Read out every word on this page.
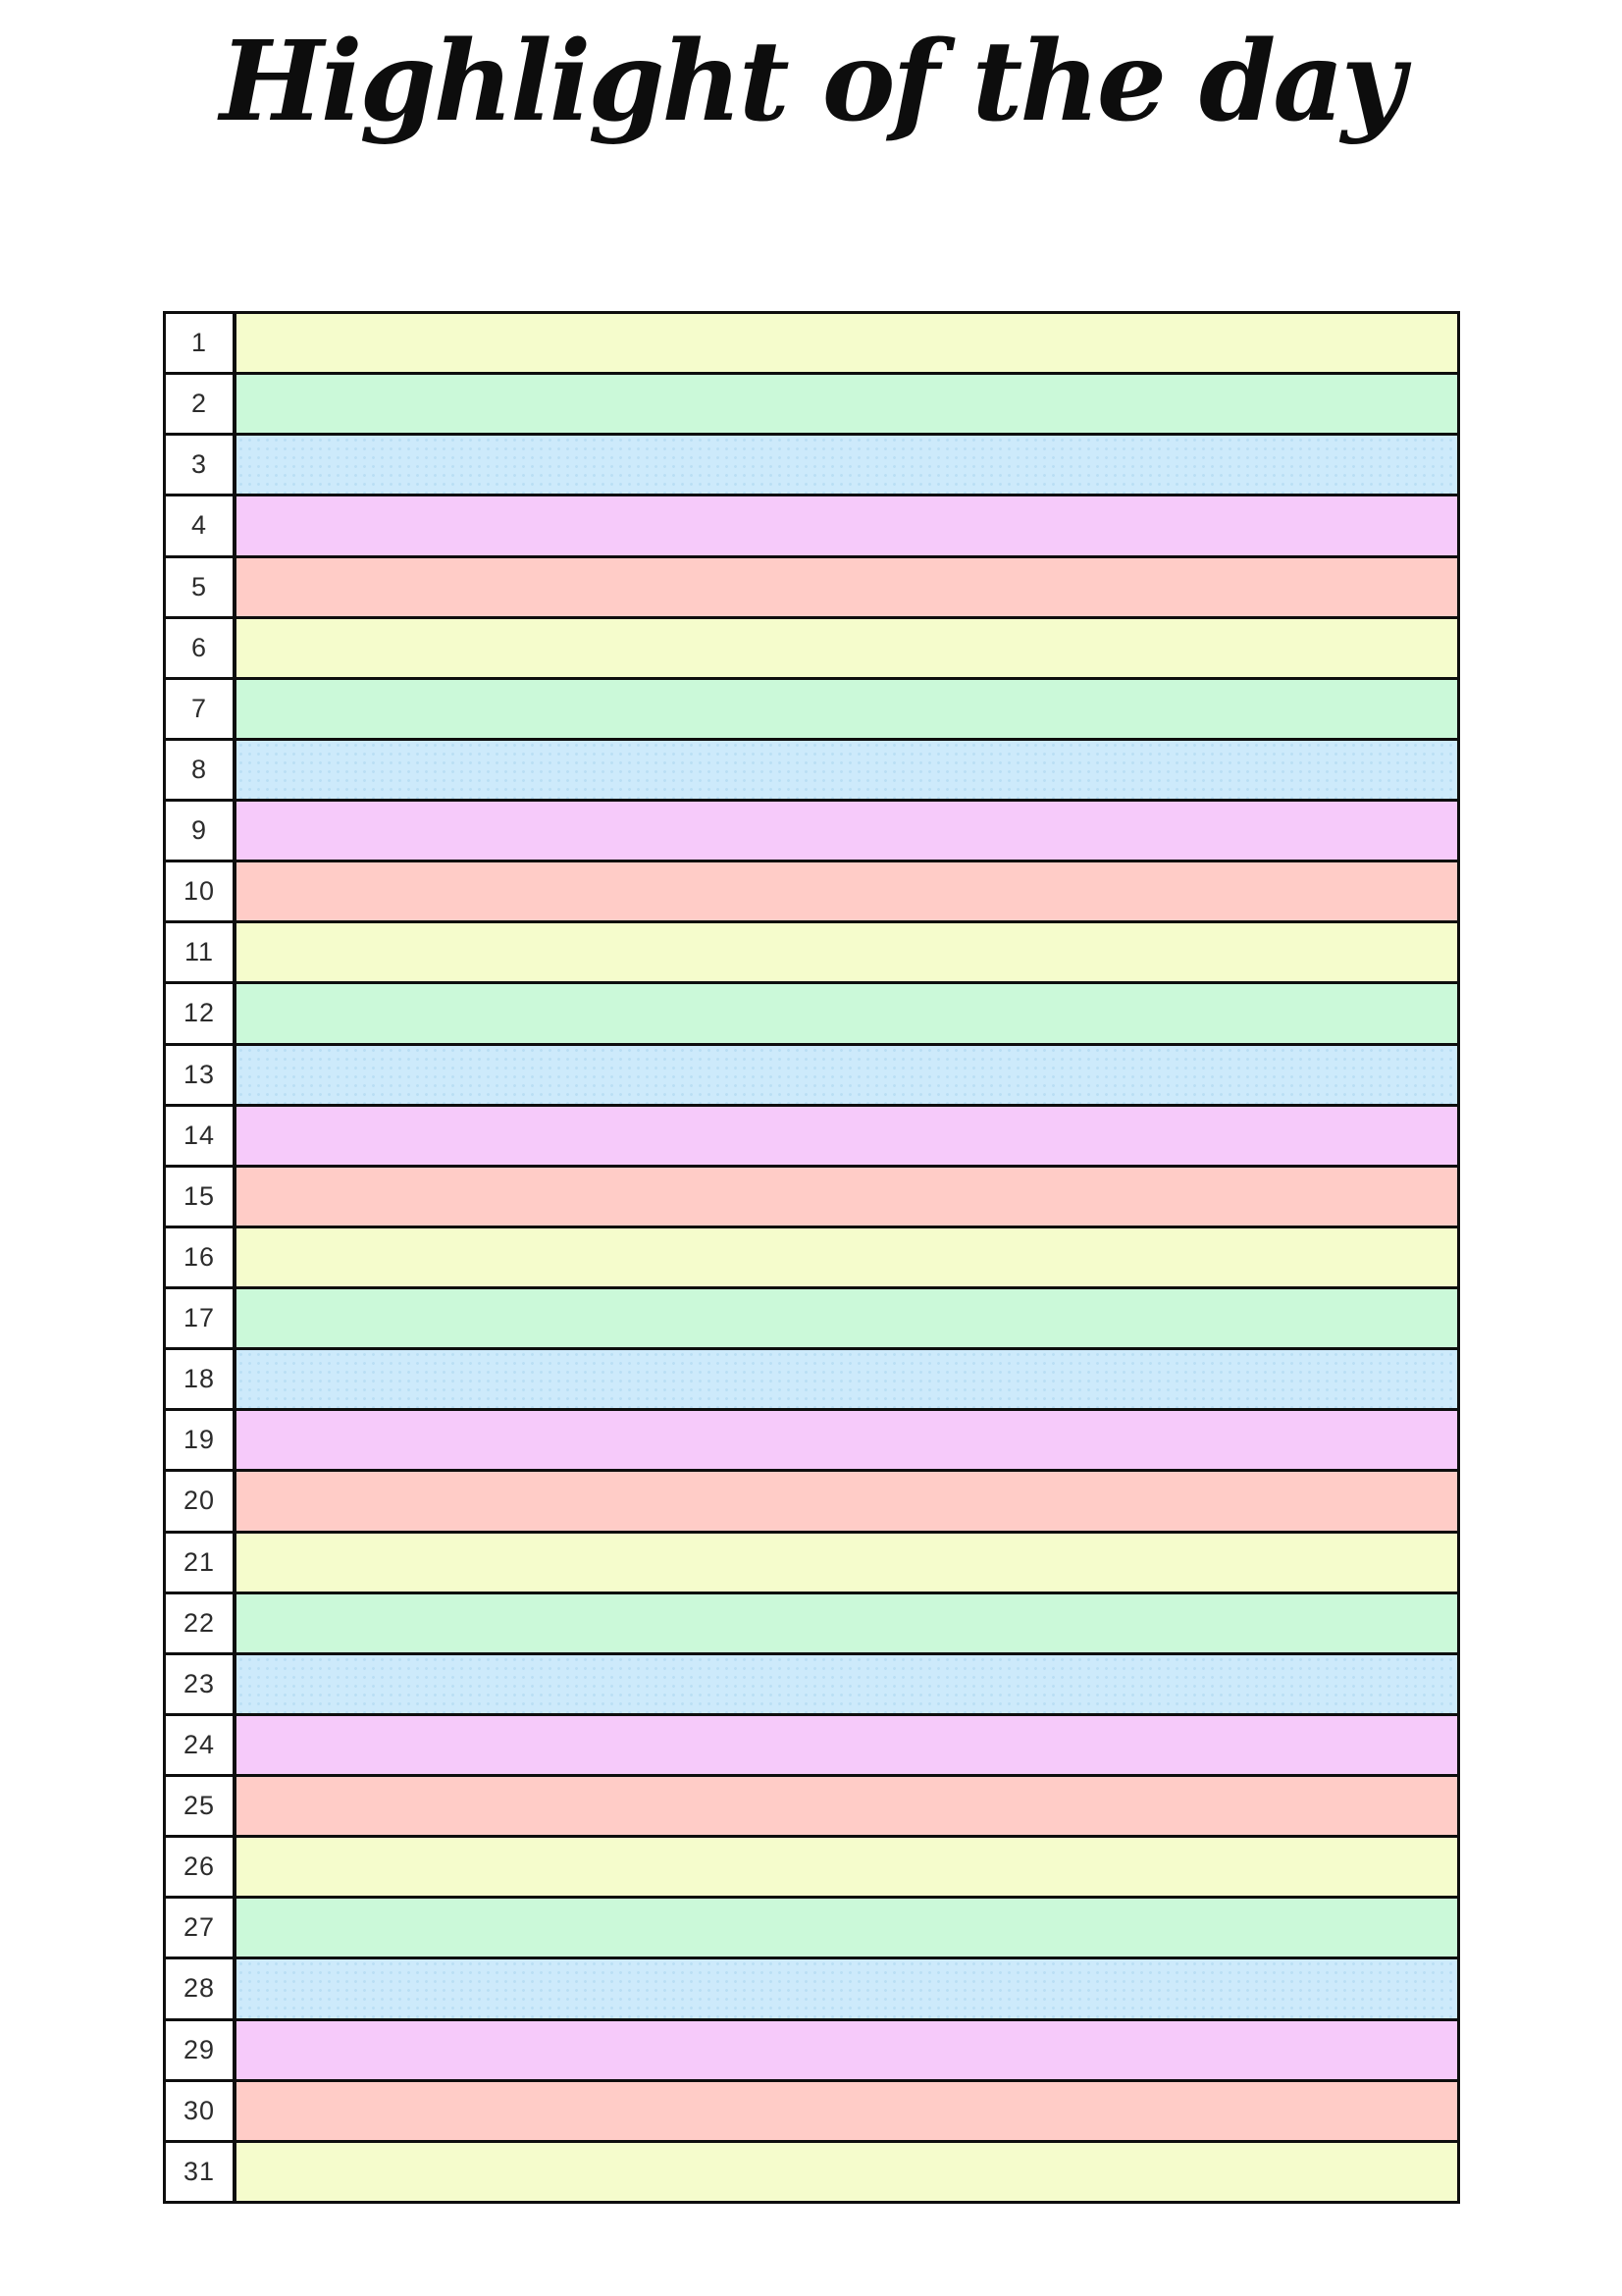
Highlight of the day
1
2
3
4
5
6
7
8
9
10
11
12
13
14
15
16
17
18
19
20
21
22
23
24
25
26
27
28
29
30
31
